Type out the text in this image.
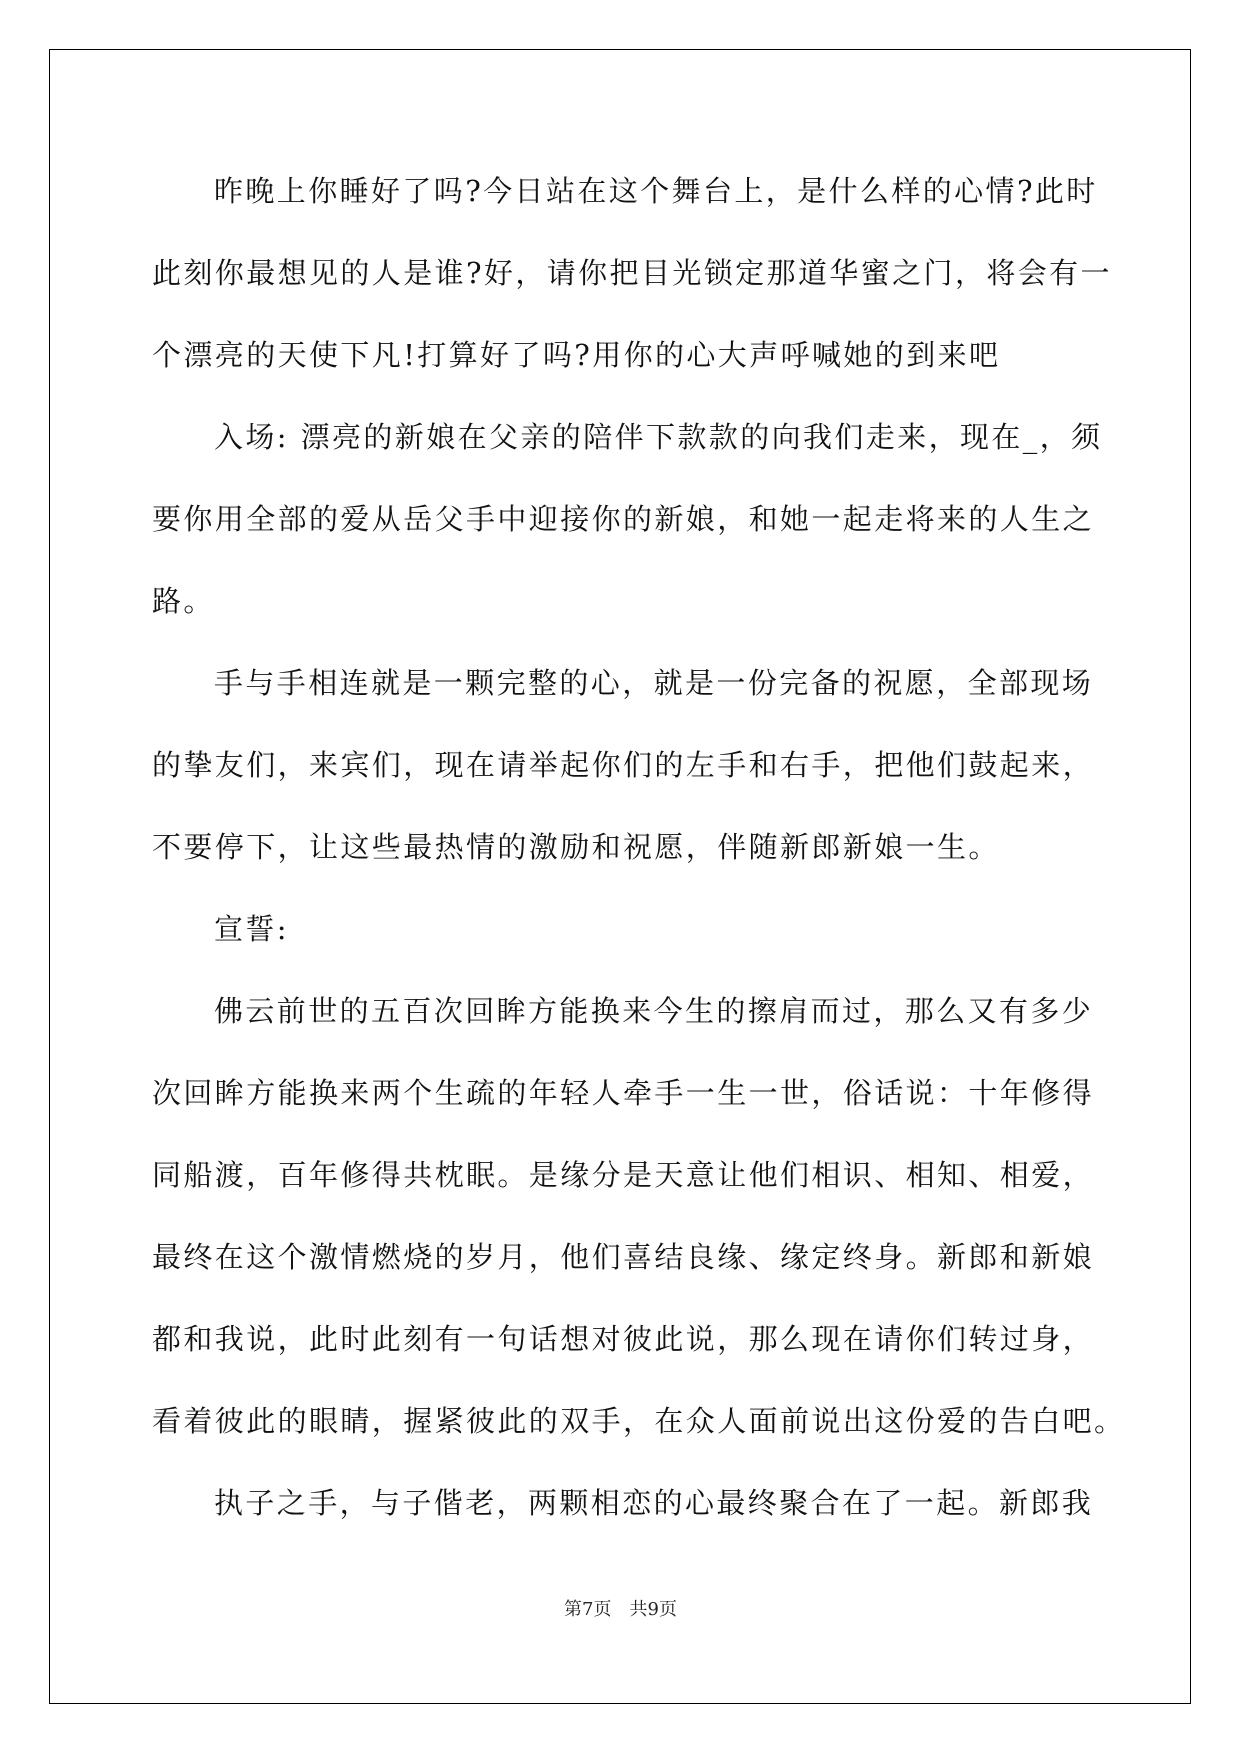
昨晚上你睡好了吗?今日站在这个舞台上，是什么样的心情?此时
此刻你最想见的人是谁?好，请你把目光锁定那道华蜜之门，将会有一
个漂亮的天使下凡!打算好了吗?用你的心大声呼喊她的到来吧
入场: 漂亮的新娘在父亲的陪伴下款款的向我们走来，现在_，须
要你用全部的爱从岳父手中迎接你的新娘，和她一起走将来的人生之
路。
手与手相连就是一颗完整的心，就是一份完备的祝愿，全部现场
的挚友们，来宾们，现在请举起你们的左手和右手，把他们鼓起来，
不要停下，让这些最热情的激励和祝愿，伴随新郎新娘一生。
宣誓:
佛云前世的五百次回眸方能换来今生的擦肩而过，那么又有多少
次回眸方能换来两个生疏的年轻人牵手一生一世，俗话说：十年修得
同船渡，百年修得共枕眠。是缘分是天意让他们相识、相知、相爱，
最终在这个激情燃烧的岁月，他们喜结良缘、缘定终身。新郎和新娘
都和我说，此时此刻有一句话想对彼此说，那么现在请你们转过身，
看着彼此的眼睛，握紧彼此的双手，在众人面前说出这份爱的告白吧。
执子之手，与子偕老，两颗相恋的心最终聚合在了一起。新郎我
第7页 共9页
